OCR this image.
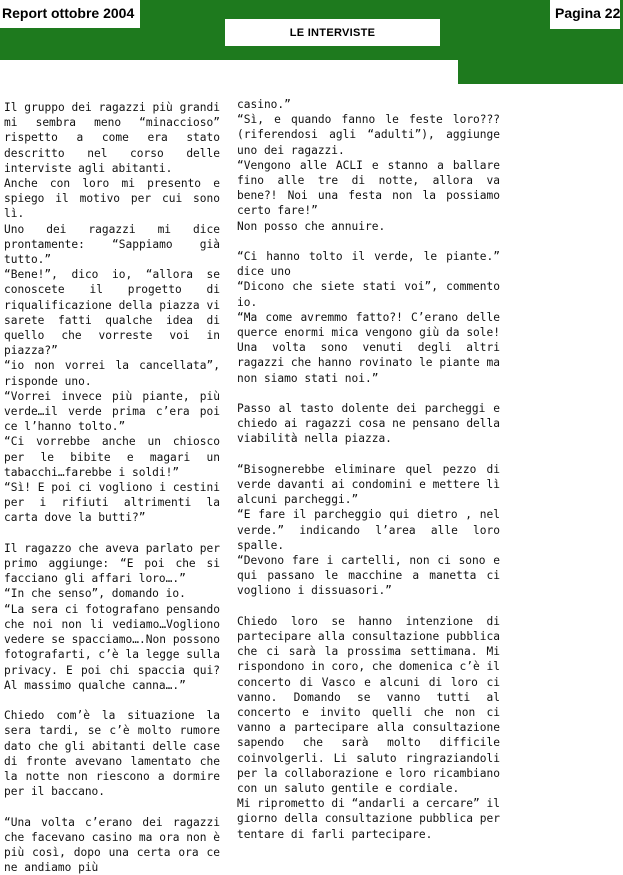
Report ottobre 2004	Pagina 22
LE INTERVISTE

Il gruppo dei ragazzi più grandi mi sembra meno “minaccioso” rispetto a come era stato descritto nel corso delle interviste agli abitanti.

Anche con loro mi presento e spiego il motivo per cui sono lì.

Uno dei ragazzi mi dice prontamente: “Sappiamo già tutto.”

“Bene!”, dico io, “allora se conoscete il progetto di riqualificazione della piazza vi sarete fatti qualche idea di quello che vorreste voi in piazza?”

“io non vorrei la cancellata”, risponde uno.

“Vorrei invece più piante, più verde…il verde prima c’era poi ce l’hanno tolto.”

“Ci vorrebbe anche un chiosco per le bibite e magari un tabacchi…farebbe i soldi!”

“Sì! E poi ci vogliono i cestini per i rifiuti altrimenti la carta dove la butti?”

Il ragazzo che aveva parlato per primo aggiunge: “E poi che si facciano gli affari loro….”

“In che senso”, domando io.

“La sera ci fotografano pensando che noi non li vediamo…Vogliono vedere se spacciamo….Non possono fotografarti, c’è la legge sulla privacy. E poi chi spaccia qui? Al massimo qualche canna….”

Chiedo com’è la situazione la sera tardi, se c’è molto rumore dato che gli abitanti delle case di fronte avevano lamentato che la notte non riescono a dormire per il baccano.

“Una volta c’erano dei ragazzi che facevano casino ma ora non è più così, dopo una certa ora ce ne andiamo più

casino.”

“Sì, e quando fanno le feste loro??? (riferendosi agli “adulti”), aggiunge uno dei ragazzi.

“Vengono alle ACLI e stanno a ballare fino alle tre di notte, allora va bene?! Noi una festa non la possiamo certo fare!”

Non posso che annuire.

“Ci hanno tolto il verde, le piante.” dice uno

“Dicono che siete stati voi”, commento io.

“Ma come avremmo fatto?! C’erano delle querce enormi mica vengono giù da sole! Una volta sono venuti degli altri ragazzi che hanno rovinato le piante ma non siamo stati noi.”

Passo al tasto dolente dei parcheggi e chiedo ai ragazzi cosa ne pensano della viabilità nella piazza.

“Bisognerebbe eliminare quel pezzo di verde davanti ai condomini e mettere lì alcuni parcheggi.”

“E fare il parcheggio qui dietro , nel verde.” indicando l’area alle loro spalle.

“Devono fare i cartelli, non ci sono e qui passano le macchine a manetta ci vogliono i dissuasori.”

Chiedo loro se hanno intenzione di partecipare alla consultazione pubblica che ci sarà la prossima settimana. Mi rispondono in coro, che domenica c’è il concerto di Vasco e alcuni di loro ci vanno. Domando se vanno tutti al concerto e invito quelli che non ci vanno a partecipare alla consultazione sapendo che sarà molto difficile coinvolgerli. Li saluto ringraziandoli per la collaborazione e loro ricambiano con un saluto gentile e cordiale.

Mi riprometto di “andarli a cercare” il giorno della consultazione pubblica per tentare di farli partecipare.
